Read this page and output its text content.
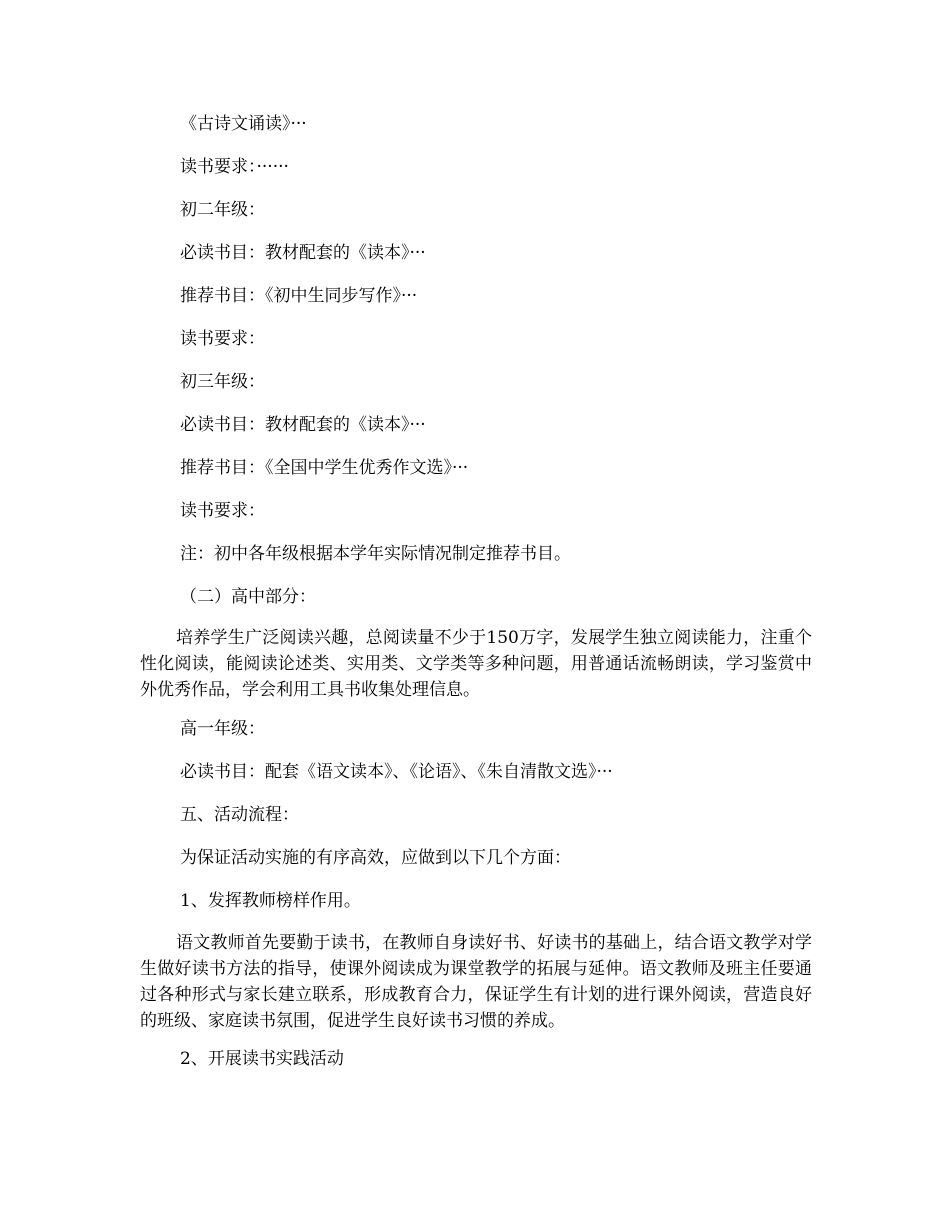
《古诗文诵读》···
读书要求：······
初二年级：
必读书目：教材配套的《读本》···
推荐书目：《初中生同步写作》···
读书要求：
初三年级：
必读书目：教材配套的《读本》···
推荐书目：《全国中学生优秀作文选》···
读书要求：
注：初中各年级根据本学年实际情况制定推荐书目。
（二）高中部分：
培养学生广泛阅读兴趣，总阅读量不少于150万字，发展学生独立阅读能力，注重个性化阅读，能阅读论述类、实用类、文学类等多种问题，用普通话流畅朗读，学习鉴赏中外优秀作品，学会利用工具书收集处理信息。
高一年级：
必读书目：配套《语文读本》、《论语》、《朱自清散文选》···
五、活动流程：
为保证活动实施的有序高效，应做到以下几个方面：
1、发挥教师榜样作用。
语文教师首先要勤于读书，在教师自身读好书、好读书的基础上，结合语文教学对学生做好读书方法的指导，使课外阅读成为课堂教学的拓展与延伸。语文教师及班主任要通过各种形式与家长建立联系，形成教育合力，保证学生有计划的进行课外阅读，营造良好的班级、家庭读书氛围，促进学生良好读书习惯的养成。
2、开展读书实践活动
